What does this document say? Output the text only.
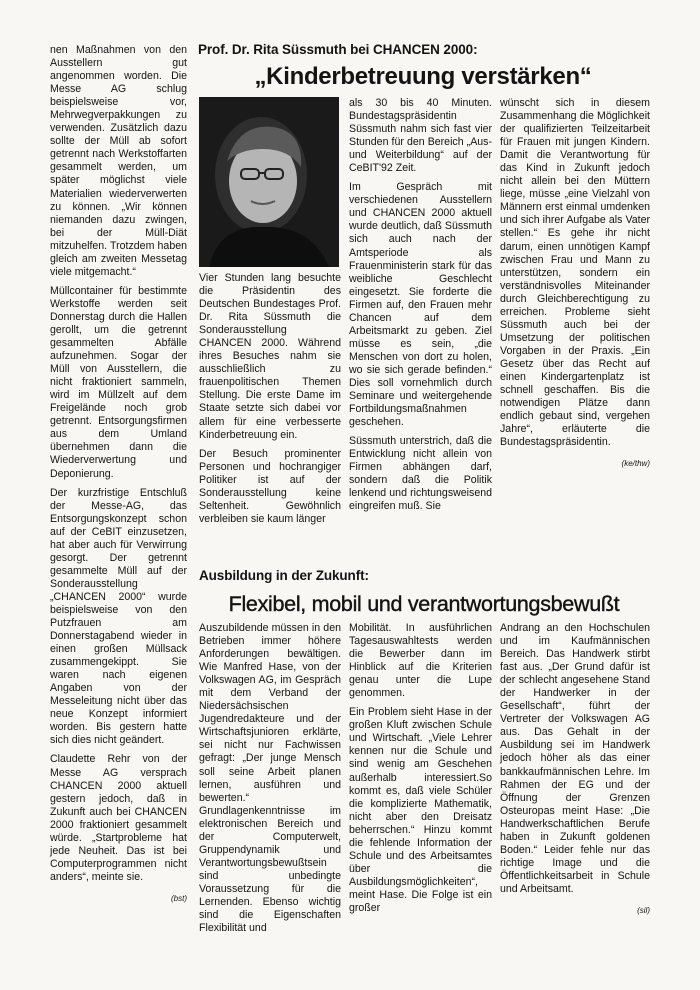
nen Maßnahmen von den Ausstellern gut angenommen worden. Die Messe AG schlug beispielsweise vor, Mehrwegverpakkungen zu verwenden. Zusätzlich dazu sollte der Müll ab sofort getrennt nach Werkstoffarten gesammelt werden, um später möglichst viele Materialien wiederverwerten zu können. „Wir können niemanden dazu zwingen, bei der Müll-Diät mitzuhelfen. Trotzdem haben gleich am zweiten Messetag viele mitgemacht.“

Müllcontainer für bestimmte Werkstoffe werden seit Donnerstag durch die Hallen gerollt, um die getrennt gesammelten Abfälle aufzunehmen. Sogar der Müll von Ausstellern, die nicht fraktioniert sammeln, wird im Müllzelt auf dem Freigelände noch grob getrennt. Entsorgungsfirmen aus dem Umland übernehmen dann die Wiederverwertung und Deponierung.

Der kurzfristige Entschluß der Messe-AG, das Entsorgungskonzept schon auf der CeBIT einzusetzen, hat aber auch für Verwirrung gesorgt. Der getrennt gesammelte Müll auf der Sonderausstellung „CHANCEN 2000“ wurde beispielsweise von den Putzfrauen am Donnerstagabend wieder in einen großen Müllsack zusammengekippt. Sie waren nach eigenen Angaben von der Messeleitung nicht über das neue Konzept informiert worden. Bis gestern hatte sich dies nicht geändert.

Claudette Rehr von der Messe AG versprach CHANCEN 2000 aktuell gestern jedoch, daß in Zukunft auch bei CHANCEN 2000 fraktioniert gesammelt würde. „Startprobleme hat jede Neuheit. Das ist bei Computerprogrammen nicht anders“, meinte sie.

(bst)
Prof. Dr. Rita Süssmuth bei CHANCEN 2000:
„Kinderbetreuung verstärken“

Vier Stunden lang besuchte die Präsidentin des Deutschen Bundestages Prof. Dr. Rita Süssmuth die Sonderausstellung CHANCEN 2000. Während ihres Besuches nahm sie ausschließlich zu frauenpolitischen Themen Stellung. Die erste Dame im Staate setzte sich dabei vor allem für eine verbesserte Kinderbetreuung ein.

Der Besuch prominenter Personen und hochrangiger Politiker ist auf der Sonderausstellung keine Seltenheit. Gewöhnlich verbleiben sie kaum länger

als 30 bis 40 Minuten. Bundestagspräsidentin Süssmuth nahm sich fast vier Stunden für den Bereich „Aus- und Weiterbildung“ auf der CeBIT'92 Zeit.

Im Gespräch mit verschiedenen Ausstellern und CHANCEN 2000 aktuell wurde deutlich, daß Süssmuth sich auch nach der Amtsperiode als Frauenministerin stark für das weibliche Geschlecht eingesetzt. Sie forderte die Firmen auf, den Frauen mehr Chancen auf dem Arbeitsmarkt zu geben. Ziel müsse es sein, „die Menschen von dort zu holen, wo sie sich gerade befinden.“ Dies soll vornehmlich durch Seminare und weitergehende Fortbildungsmaßnahmen geschehen.

Süssmuth unterstrich, daß die Entwicklung nicht allein von Firmen abhängen darf, sondern daß die Politik lenkend und richtungsweisend eingreifen muß. Sie

wünscht sich in diesem Zusammenhang die Möglichkeit der qualifizierten Teilzeitarbeit für Frauen mit jungen Kindern. Damit die Verantwortung für das Kind in Zukunft jedoch nicht allein bei den Müttern liege, müsse „eine Vielzahl von Männern erst einmal umdenken und sich ihrer Aufgabe als Vater stellen.“ Es gehe ihr nicht darum, einen unnötigen Kampf zwischen Frau und Mann zu unterstützen, sondern ein verständnisvolles Miteinander durch Gleichberechtigung zu erreichen. Probleme sieht Süssmuth auch bei der Umsetzung der politischen Vorgaben in der Praxis. „Ein Gesetz über das Recht auf einen Kindergartenplatz ist schnell geschaffen. Bis die notwendigen Plätze dann endlich gebaut sind, vergehen Jahre“, erläuterte die Bundestagspräsidentin.

(ke/thw)
Ausbildung in der Zukunft:
Flexibel, mobil und verantwortungsbewußt

Auszubildende müssen in den Betrieben immer höhere Anforderungen bewältigen. Wie Manfred Hase, von der Volkswagen AG, im Gespräch mit dem Verband der Niedersächsischen Jugendredakteure und der Wirtschaftsjunioren erklärte, sei nicht nur Fachwissen gefragt: „Der junge Mensch soll seine Arbeit planen lernen, ausführen und bewerten.“ Grundlagenkenntnisse im elektronischen Bereich und der Computerwelt, Gruppendynamik und Verantwortungsbewußtsein sind unbedingte Voraussetzung für die Lernenden. Ebenso wichtig sind die Eigenschaften Flexibilität und

Mobilität. In ausführlichen Tagesauswahltests werden die Bewerber dann im Hinblick auf die Kriterien genau unter die Lupe genommen.

Ein Problem sieht Hase in der großen Kluft zwischen Schule und Wirtschaft. „Viele Lehrer kennen nur die Schule und sind wenig am Geschehen außerhalb interessiert.So kommt es, daß viele Schüler die komplizierte Mathematik, nicht aber den Dreisatz beherrschen.“ Hinzu kommt die fehlende Information der Schule und des Arbeitsamtes über die Ausbildungsmöglichkeiten“, meint Hase. Die Folge ist ein großer

Andrang an den Hochschulen und im Kaufmännischen Bereich. Das Handwerk stirbt fast aus. „Der Grund dafür ist der schlecht angesehene Stand der Handwerker in der Gesellschaft“, führt der Vertreter der Volkswagen AG aus. Das Gehalt in der Ausbildung sei im Handwerk jedoch höher als das einer bankkaufmännischen Lehre. Im Rahmen der EG und der Öffnung der Grenzen Osteuropas meint Hase: „Die Handwerkschaftlichen Berufe haben in Zukunft goldenen Boden.“ Leider fehle nur das richtige Image und die Öffentlichkeitsarbeit in Schule und Arbeitsamt.

(sil)
